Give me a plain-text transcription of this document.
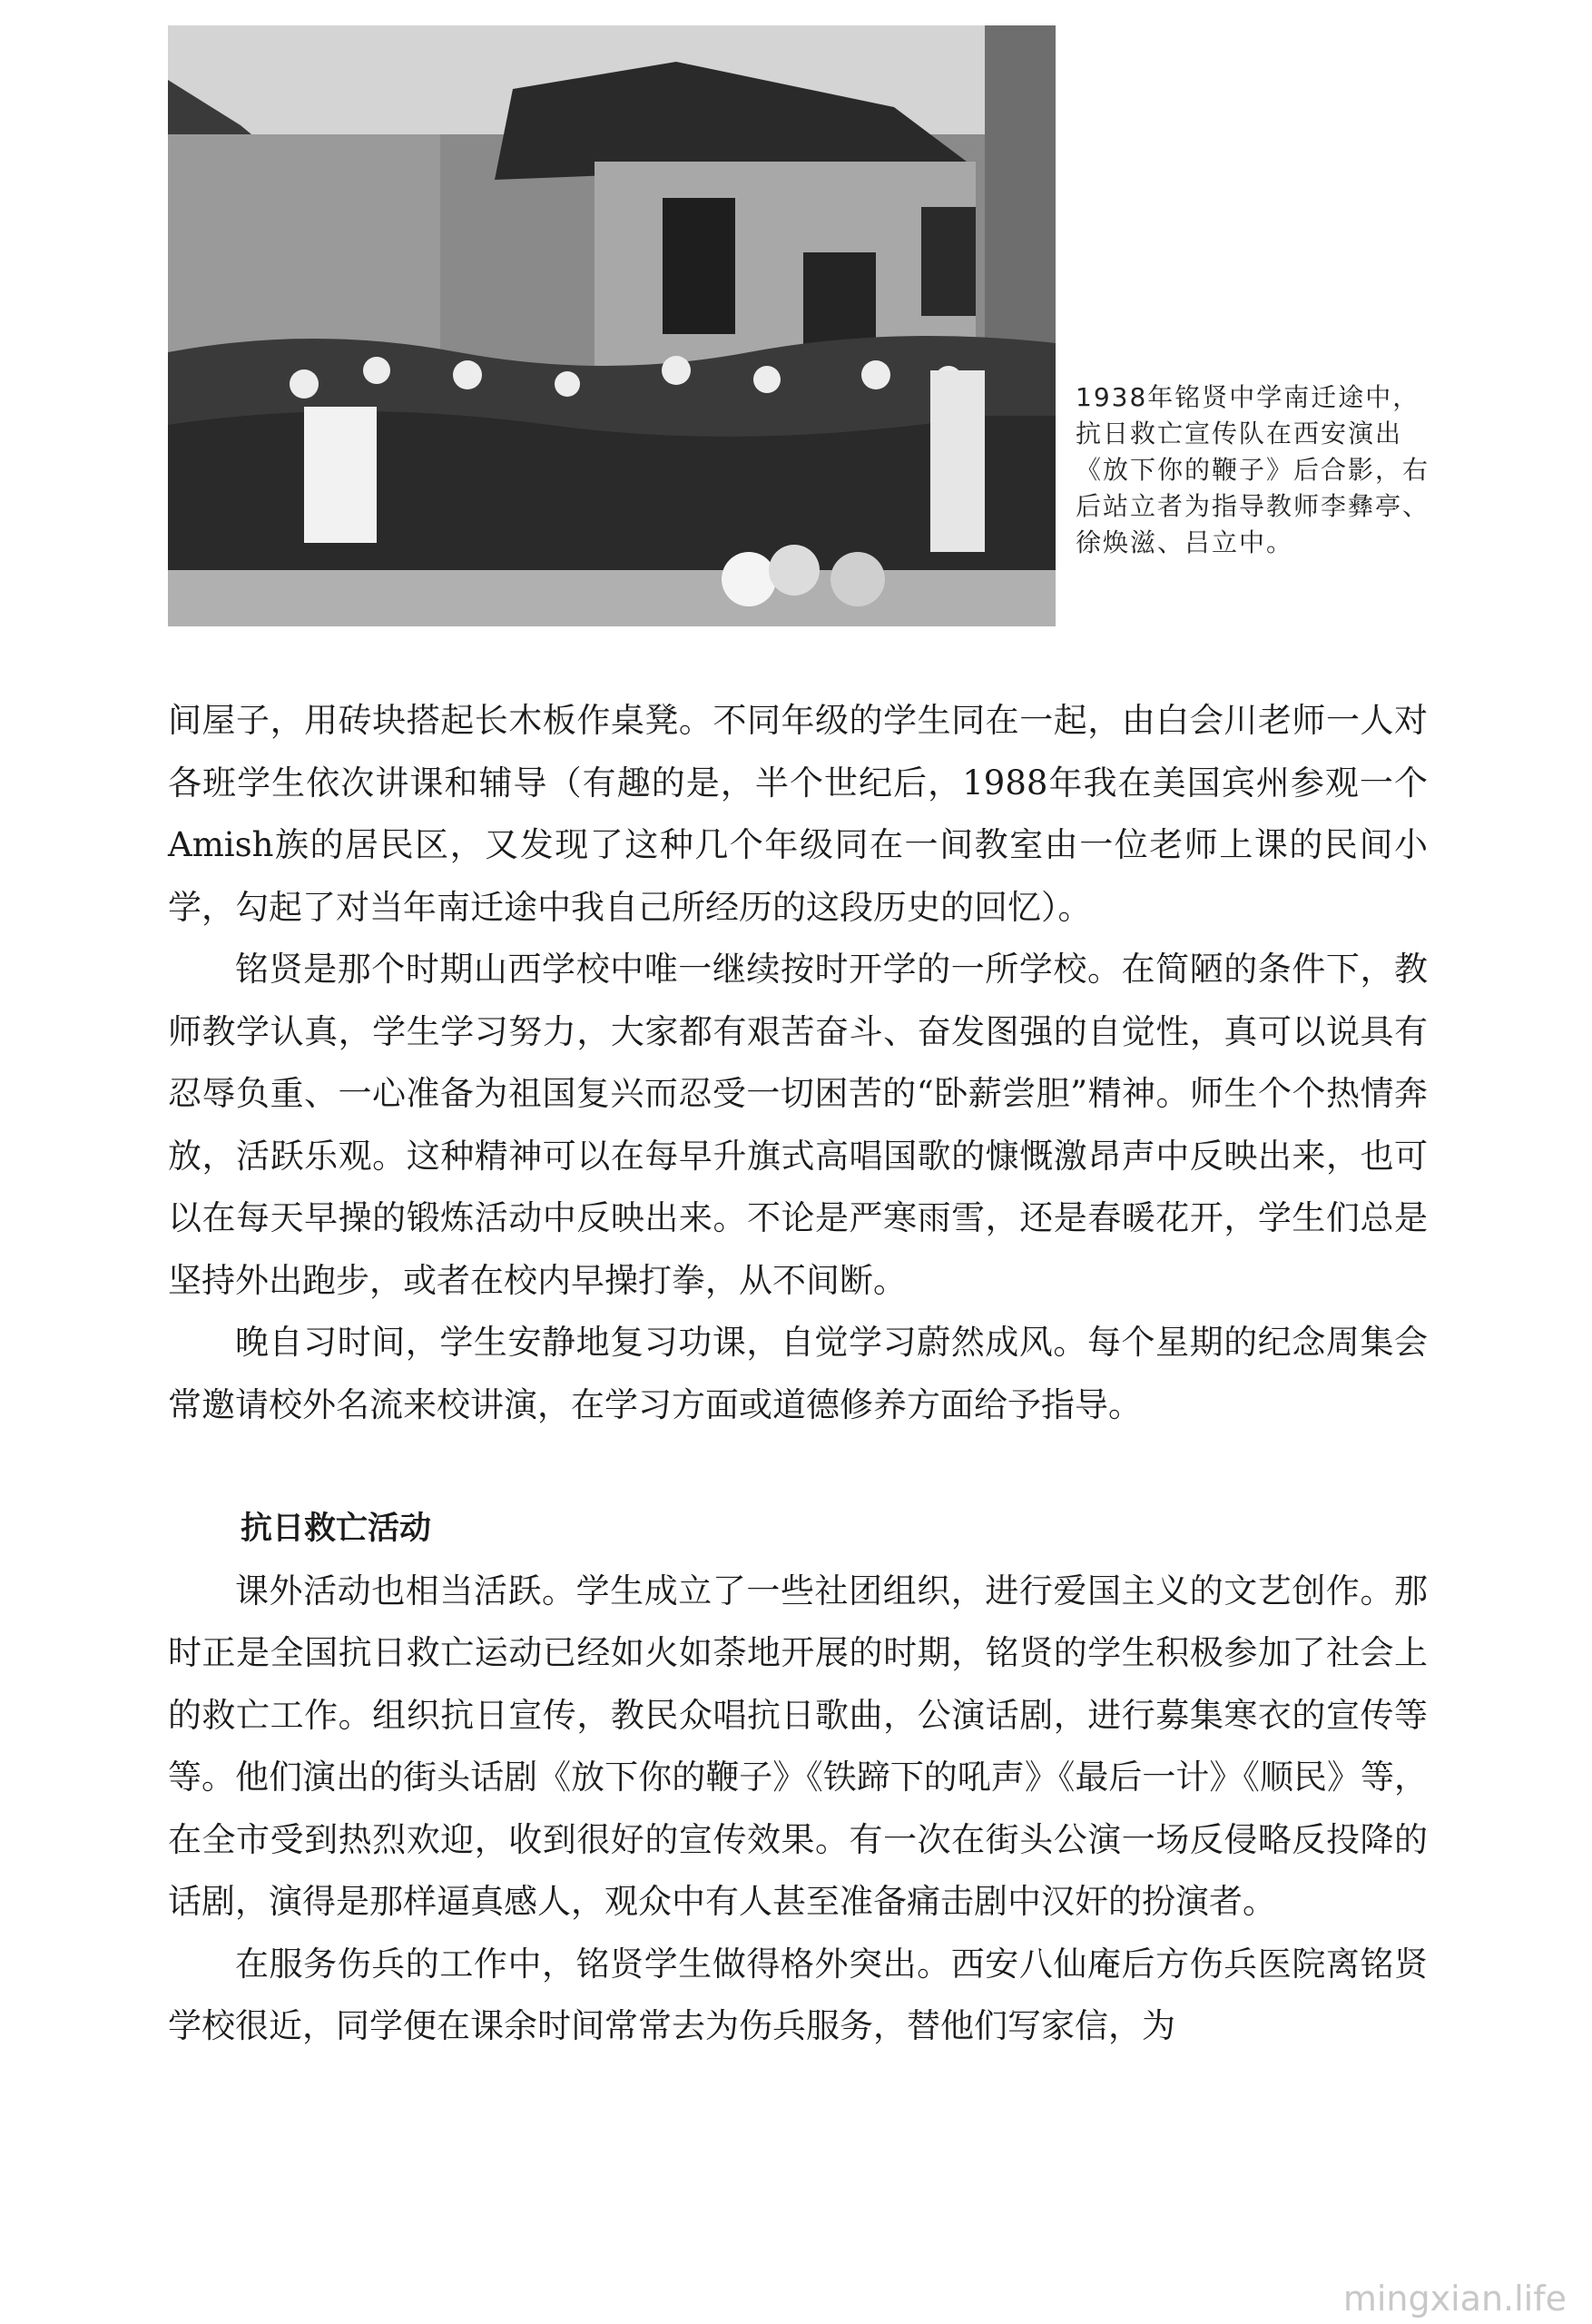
1938年铭贤中学南迁途中，抗日救亡宣传队在西安演出《放下你的鞭子》后合影，右后站立者为指导教师李彝亭、徐焕滋、吕立中。

间屋子，用砖块搭起长木板作桌凳。不同年级的学生同在一起，由白会川老师一人对各班学生依次讲课和辅导（有趣的是，半个世纪后，1988年我在美国宾州参观一个Amish族的居民区，又发现了这种几个年级同在一间教室由一位老师上课的民间小学，勾起了对当年南迁途中我自己所经历的这段历史的回忆）。

铭贤是那个时期山西学校中唯一继续按时开学的一所学校。在简陋的条件下，教师教学认真，学生学习努力，大家都有艰苦奋斗、奋发图强的自觉性，真可以说具有忍辱负重、一心准备为祖国复兴而忍受一切困苦的“卧薪尝胆”精神。师生个个热情奔放，活跃乐观。这种精神可以在每早升旗式高唱国歌的慷慨激昂声中反映出来，也可以在每天早操的锻炼活动中反映出来。不论是严寒雨雪，还是春暖花开，学生们总是坚持外出跑步，或者在校内早操打拳，从不间断。

晚自习时间，学生安静地复习功课，自觉学习蔚然成风。每个星期的纪念周集会常邀请校外名流来校讲演，在学习方面或道德修养方面给予指导。

抗日救亡活动

课外活动也相当活跃。学生成立了一些社团组织，进行爱国主义的文艺创作。那时正是全国抗日救亡运动已经如火如荼地开展的时期，铭贤的学生积极参加了社会上的救亡工作。组织抗日宣传，教民众唱抗日歌曲，公演话剧，进行募集寒衣的宣传等等。他们演出的街头话剧《放下你的鞭子》《铁蹄下的吼声》《最后一计》《顺民》等，在全市受到热烈欢迎，收到很好的宣传效果。有一次在街头公演一场反侵略反投降的话剧，演得是那样逼真感人，观众中有人甚至准备痛击剧中汉奸的扮演者。

在服务伤兵的工作中，铭贤学生做得格外突出。西安八仙庵后方伤兵医院离铭贤学校很近，同学便在课余时间常常去为伤兵服务，替他们写家信，为

mingxian.life
